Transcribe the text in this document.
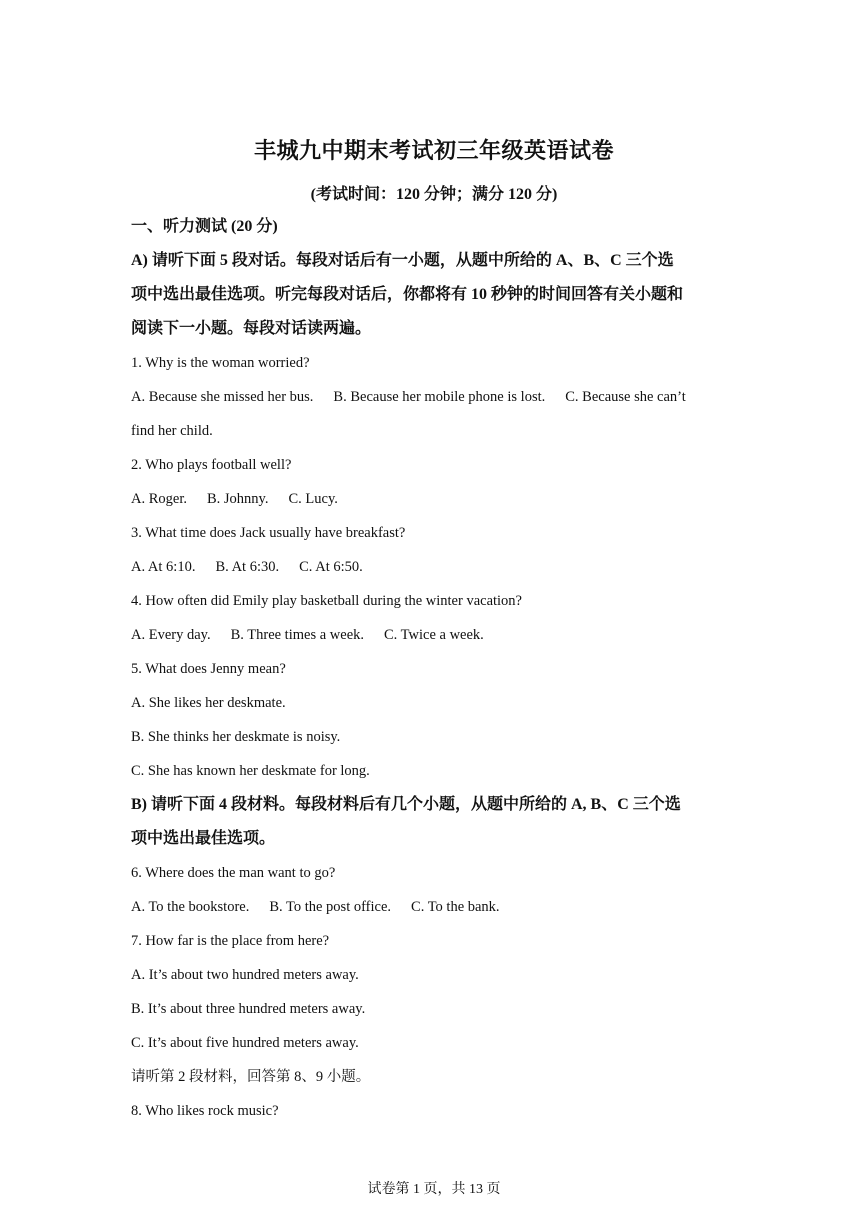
丰城九中期末考试初三年级英语试卷
(考试时间：120 分钟；满分 120 分)
一、听力测试 (20 分)
A) 请听下面 5 段对话。每段对话后有一小题，从题中所给的 A、B、C 三个选
项中选出最佳选项。听完每段对话后，你都将有 10 秒钟的时间回答有关小题和
阅读下一小题。每段对话读两遍。
1. Why is the woman worried?
A. Because she missed her bus. B. Because her mobile phone is lost. C. Because she can’t
find her child.
2. Who plays football well?
A. Roger. B. Johnny. C. Lucy.
3. What time does Jack usually have breakfast?
A. At 6:10. B. At 6:30. C. At 6:50.
4. How often did Emily play basketball during the winter vacation?
A. Every day. B. Three times a week. C. Twice a week.
5. What does Jenny mean?
A. She likes her deskmate.
B. She thinks her deskmate is noisy.
C. She has known her deskmate for long.
B) 请听下面 4 段材料。每段材料后有几个小题，从题中所给的 A, B、C 三个选
项中选出最佳选项。
6. Where does the man want to go?
A. To the bookstore. B. To the post office. C. To the bank.
7. How far is the place from here?
A. It’s about two hundred meters away.
B. It’s about three hundred meters away.
C. It’s about five hundred meters away.
请听第 2 段材料，回答第 8、9 小题。
8. Who likes rock music?
试卷第 1 页，共 13 页
